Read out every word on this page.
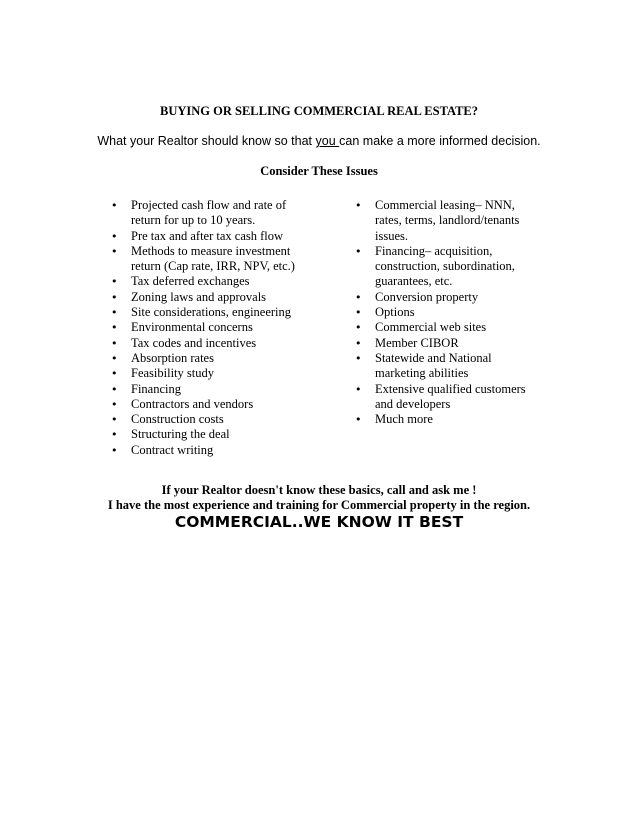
BUYING OR SELLING COMMERCIAL REAL ESTATE?
What your Realtor should know so that you can make a more informed decision.
Consider These Issues
• Projected cash flow and rate of
return for up to 10 years.
• Pre tax and after tax cash flow
• Methods to measure investment
return (Cap rate, IRR, NPV, etc.)
• Tax deferred exchanges
• Zoning laws and approvals
• Site considerations, engineering
• Environmental concerns
• Tax codes and incentives
• Absorption rates
• Feasibility study
• Financing
• Contractors and vendors
• Construction costs
• Structuring the deal
• Contract writing
• Commercial leasing– NNN,
rates, terms, landlord/tenants
issues.
• Financing– acquisition,
construction, subordination,
guarantees, etc.
• Conversion property
• Options
• Commercial web sites
• Member CIBOR
• Statewide and National
marketing abilities
• Extensive qualified customers
and developers
• Much more
If your Realtor doesn't know these basics, call and ask me !
I have the most experience and training for Commercial property in the region.
COMMERCIAL..WE KNOW IT BEST
